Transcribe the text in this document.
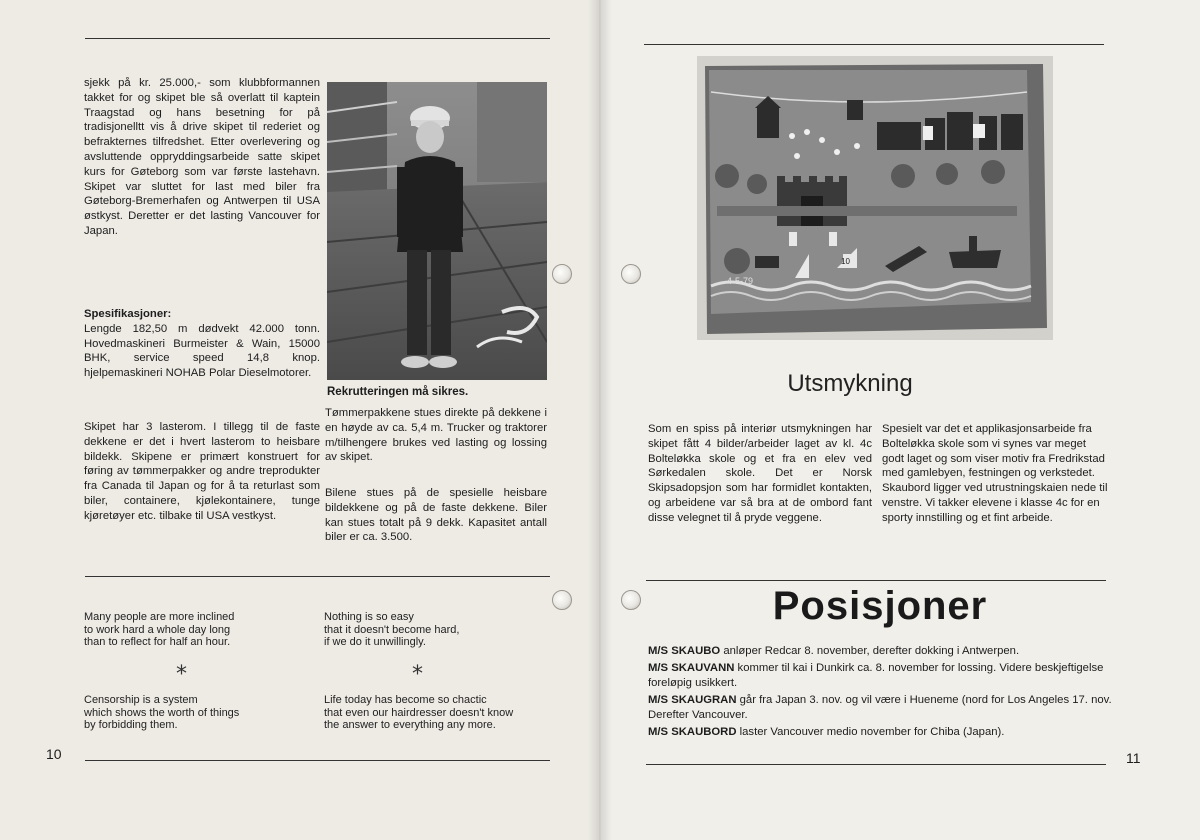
sjekk på kr. 25.000,- som klubbformannen takket for og skipet ble så overlatt til kaptein Traagstad og hans besetning for på tradisjonelltt vis å drive skipet til rederiet og befrakternes tilfredshet. Etter overlevering og avsluttende oppryddingsarbeide satte skipet kurs for Gøteborg som var første lastehavn. Skipet var sluttet for last med biler fra Gøteborg-Bremerhafen og Antwerpen til USA østkyst. Deretter er det lasting Vancouver for Japan.

Spesifikasjoner:

Lengde 182,50 m dødvekt 42.000 tonn. Hovedmaskineri Burmeister & Wain, 15000 BHK, service speed 14,8 knop. hjelpemaskineri NOHAB Polar Dieselmotorer.

Skipet har 3 lasterom. I tillegg til de faste dekkene er det i hvert lasterom to heisbare bildekk. Skipene er primært konstruert for føring av tømmerpakker og andre treprodukter fra Canada til Japan og for å ta returlast som biler, containere, kjølekontainere, tunge kjøretøyer etc. tilbake til USA vestkyst.

Rekrutteringen må sikres.

Tømmerpakkene stues direkte på dekkene i en høyde av ca. 5,4 m. Trucker og traktorer m/tilhengere brukes ved lasting og lossing av skipet.

Bilene stues på de spesielle heisbare bildekkene og på de faste dekkene. Biler kan stues totalt på 9 dekk. Kapasitet antall biler er ca. 3.500.

Many people are more inclined
to work hard a whole day long
than to reflect for half an hour.
*
Censorship is a system
which shows the worth of things
by forbidding them.
Nothing is so easy
that it doesn't become hard,
if we do it unwillingly.
*
Life today has become so chactic
that even our hairdresser doesn't know
the answer to everything any more.
10
4-5-79
10
Utsmykning

Som en spiss på interiør utsmykningen har skipet fått 4 bilder/arbeider laget av kl. 4c Bolteløkka skole og et fra en elev ved Sørkedalen skole. Det er Norsk Skipsadopsjon som har formidlet kontakten, og arbeidene var så bra at de ombord fant disse velegnet til å pryde veggene.

Spesielt var det et applikasjonsarbeide fra Bolteløkka skole som vi synes var meget godt laget og som viser motiv fra Fredrikstad med gamlebyen, festningen og verkstedet. Skaubord ligger ved utrustningskaien nede til venstre. Vi takker elevene i klasse 4c for en sporty innstilling og et fint arbeide.

Posisjoner

M/S SKAUBO anløper Redcar 8. november, derefter dokking i Antwerpen.

M/S SKAUVANN kommer til kai i Dunkirk ca. 8. november for lossing. Videre beskjeftigelse foreløpig usikkert.

M/S SKAUGRAN går fra Japan 3. nov. og vil være i Hueneme (nord for Los Angeles 17. nov. Derefter Vancouver.

M/S SKAUBORD laster Vancouver medio november for Chiba (Japan).

11
